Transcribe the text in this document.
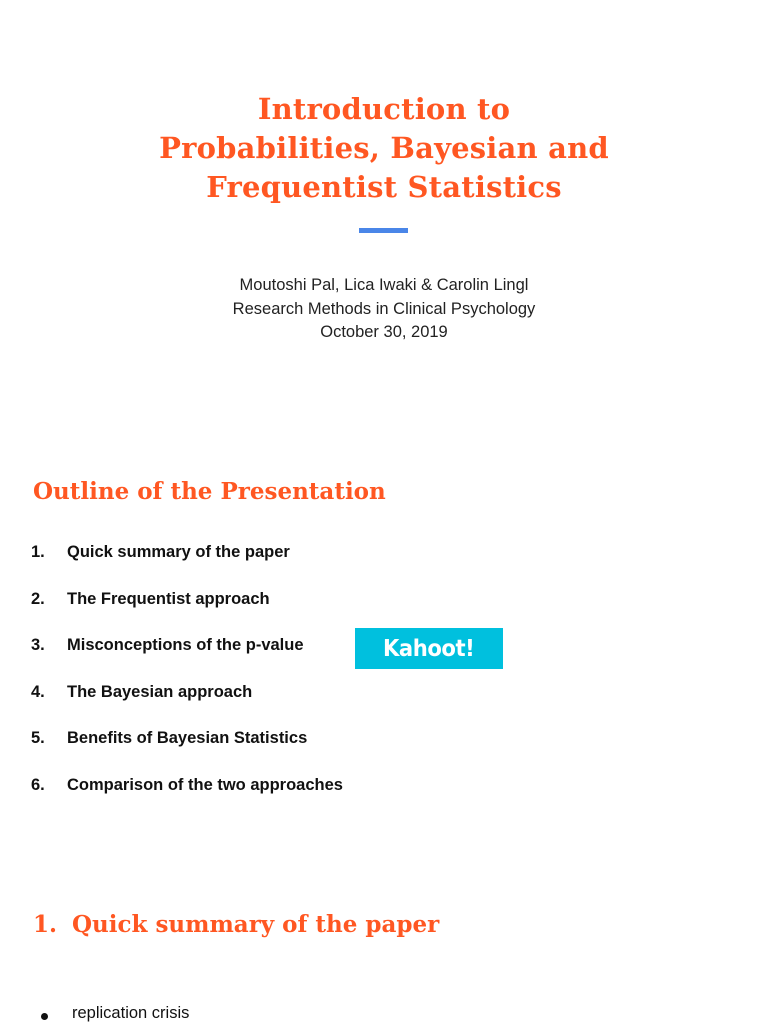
Introduction to
Probabilities, Bayesian and
Frequentist Statistics
Moutoshi Pal, Lica Iwaki & Carolin Lingl
Research Methods in Clinical Psychology
October 30, 2019
Outline of the Presentation
1. Quick summary of the paper
2. The Frequentist approach
3. Misconceptions of the p-value
4. The Bayesian approach
5. Benefits of Bayesian Statistics
6. Comparison of the two approaches
Kahoot!
1. Quick summary of the paper
replication crisis
